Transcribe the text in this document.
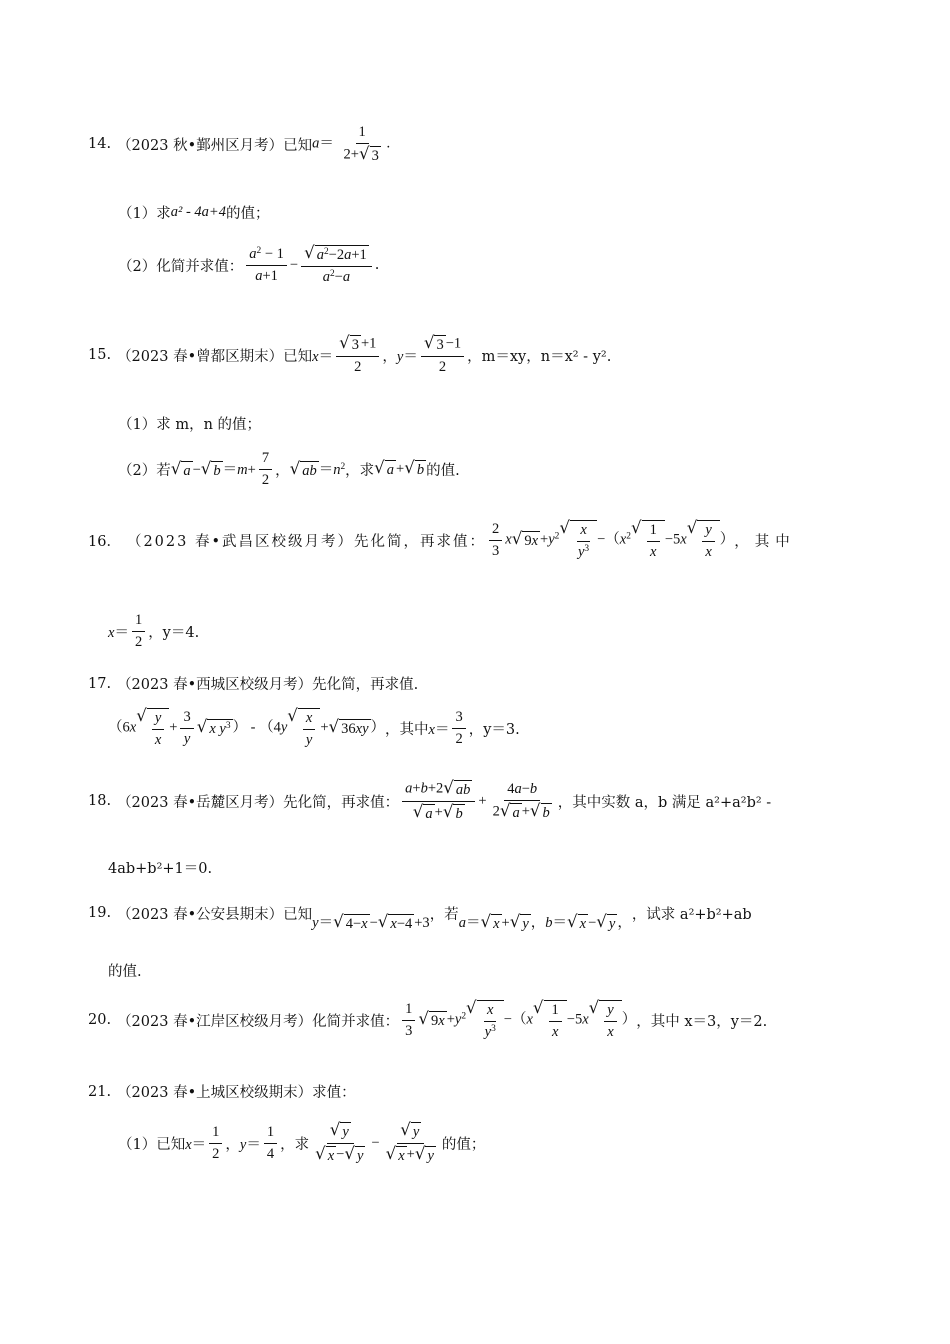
14. （2023 秋•鄞州区月考）已知 $a= \frac{1}{2+ √ 3}$ .
（1）求 a² - 4a+4 的值；
（2）化简并求值： $\frac{a^2 - 1}{a+1} - \frac{√ a^2-2a+1}{a^2-a}$ .
15. （2023 春•曾都区期末）已知 $x= \frac{√ 3 +1}{2}$ ， $y= \frac{√ 3 -1}{2}$ ，m＝xy，n＝x² - y².
（1）求 m，n 的值；
（2）若 √ a − √ $b =m+ \frac{7}{2}$ ， √ ab $=n^2$ ，求 √ a + √ b 的值.
16． （2023 春•武昌区校级月考）先化简，再求值： $\frac{2}{3}$ x √ $9x +y^2$ √ $\frac{x}{y^3} -(x^2$ √ $\frac{1}{x} -5x$
√ $\frac{y}{x}$ ） ，其中
$x= \frac{1}{2}$ ，y＝4.
17. （2023 春•西城区校级月考）先化简，再求值.
（6x
√ $\frac{y}{x} + \frac{3}{y}$ √ x $y^3$ ） - （4y
√ $\frac{x}{y}$ + √ 36xy ） ，其中 $x= \frac{3}{2}$ ，y＝3.
18. （2023 春•岳麓区月考）先化简，再求值： $\frac{a+b+2 √ ab}{√ a + √ b} + \frac{4a-b}{2 √ a + √ b}$ ，其中实数 a，b 满足 a²+a²b² -
4ab+b²+1＝0.
19. （2023 春•公安县期末）已知
y＝ √ 4−x − √ x−4 +3
，若
a＝ √ x + √ y ，b＝ √ x − √ y ，
，试求 a²+b²+ab
的值.
20. （2023 春•江岸区校级月考）化简并求值： $\frac{1}{3}$ √ $9x +y^2$ √ $\frac{x}{y^3} -(x$
√ $\frac{1}{x} -5x$
√ $\frac{y}{x}$ ） ，其中 x＝3，y＝2.
21. （2023 春•上城区校级期末）求值：
（1）已知 $x= \frac{1}{2}$ ， $y= \frac{1}{4}$ ，求 $\frac{√ y}{√ x - √ y} - \frac{√ y}{√ x + √ y}$ 的值；
